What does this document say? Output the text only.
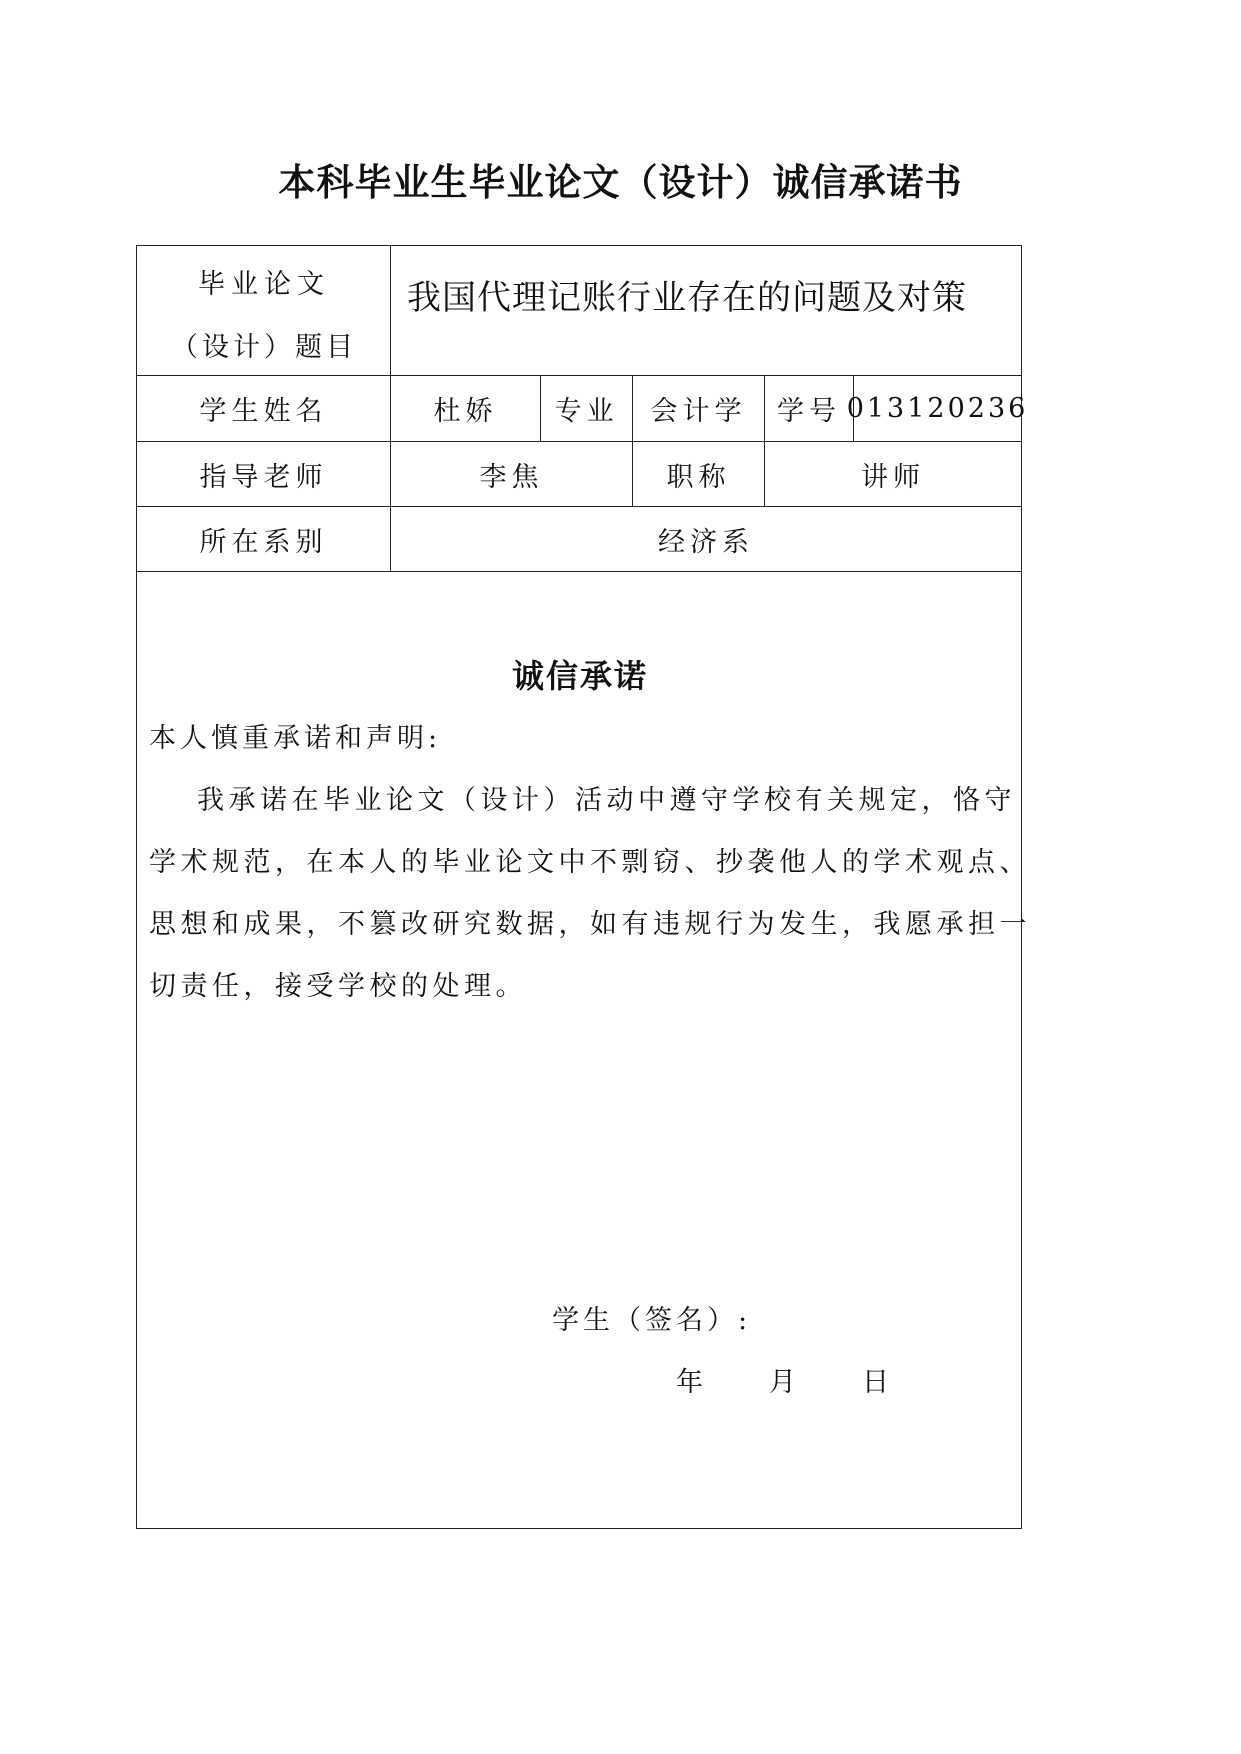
本科毕业生毕业论文（设计）诚信承诺书
毕业论文
（设计）题目
我国代理记账行业存在的问题及对策
学生姓名	杜娇	专业	会计学	学号 013120236
指导老师	李焦	职称	讲师
所在系别	经济系
诚信承诺
本人慎重承诺和声明:
我承诺在毕业论文（设计）活动中遵守学校有关规定，恪守
学术规范，在本人的毕业论文中不剽窃、抄袭他人的学术观点、
思想和成果，不篡改研究数据，如有违规行为发生，我愿承担一
切责任，接受学校的处理。
学生（签名）:
年 月 日
